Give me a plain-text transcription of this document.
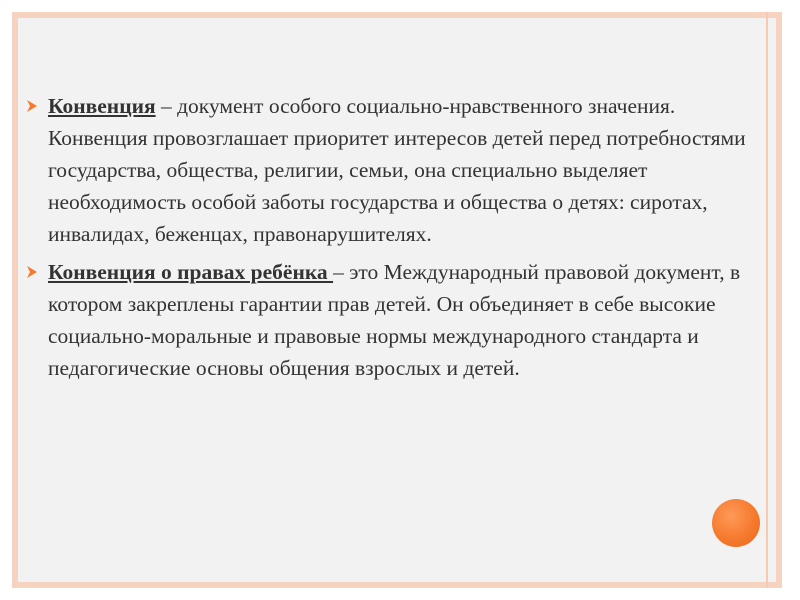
Конвенция – документ особого социально-нравственного значения. Конвенция провозглашает приоритет интересов детей перед потребностями государства, общества, религии, семьи, она специально выделяет необходимость особой заботы государства и общества о детях: сиротах, инвалидах, беженцах, правонарушителях.
Конвенция о правах ребёнка – это Международный правовой документ, в котором закреплены гарантии прав детей. Он объединяет в себе высокие социально-моральные и правовые нормы международного стандарта и педагогические основы общения взрослых и детей.
